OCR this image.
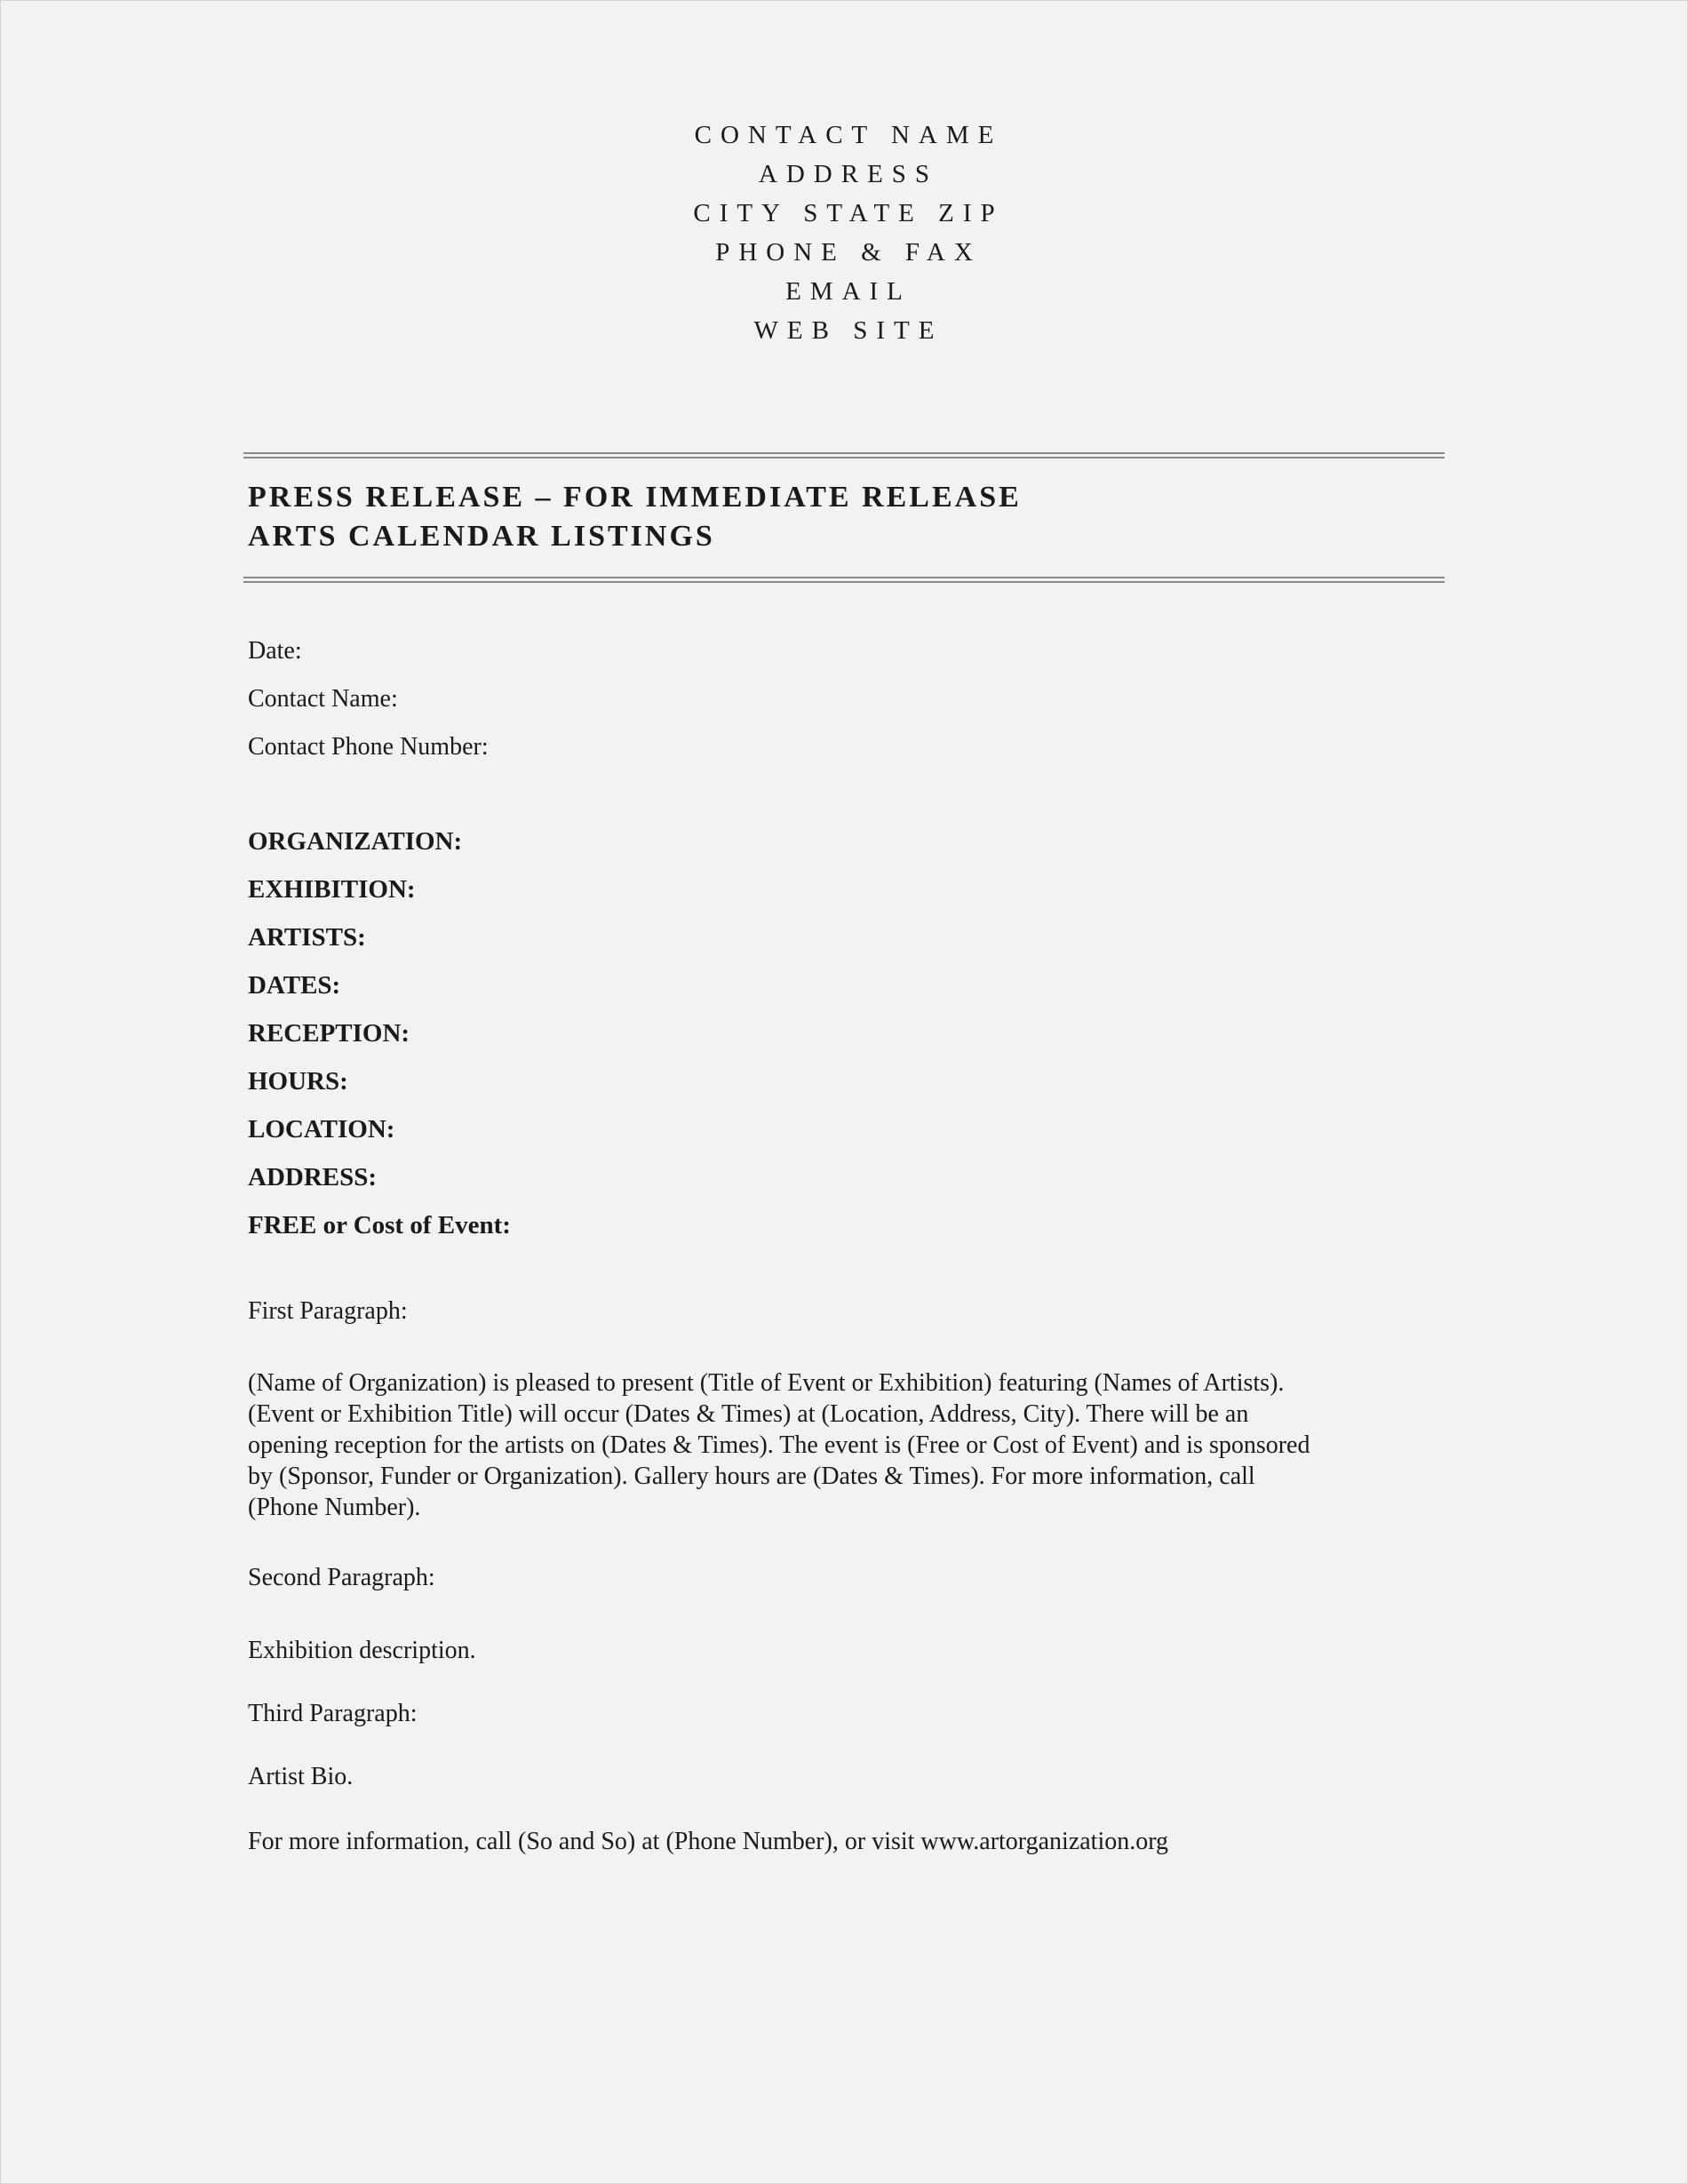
CONTACT NAME
ADDRESS
CITY STATE ZIP
PHONE & FAX
EMAIL
WEB SITE
PRESS RELEASE – FOR IMMEDIATE RELEASE
ARTS CALENDAR LISTINGS
Date:
Contact Name:
Contact Phone Number:
ORGANIZATION:
EXHIBITION:
ARTISTS:
DATES:
RECEPTION:
HOURS:
LOCATION:
ADDRESS:
FREE or Cost of Event:
First Paragraph:
(Name of Organization) is pleased to present (Title of Event or Exhibition) featuring (Names of Artists).
(Event or Exhibition Title) will occur (Dates & Times) at (Location, Address, City). There will be an
opening reception for the artists on (Dates & Times). The event is (Free or Cost of Event) and is sponsored
by (Sponsor, Funder or Organization). Gallery hours are (Dates & Times). For more information, call
(Phone Number).
Second Paragraph:
Exhibition description.
Third Paragraph:
Artist Bio.
For more information, call (So and So) at (Phone Number), or visit www.artorganization.org
